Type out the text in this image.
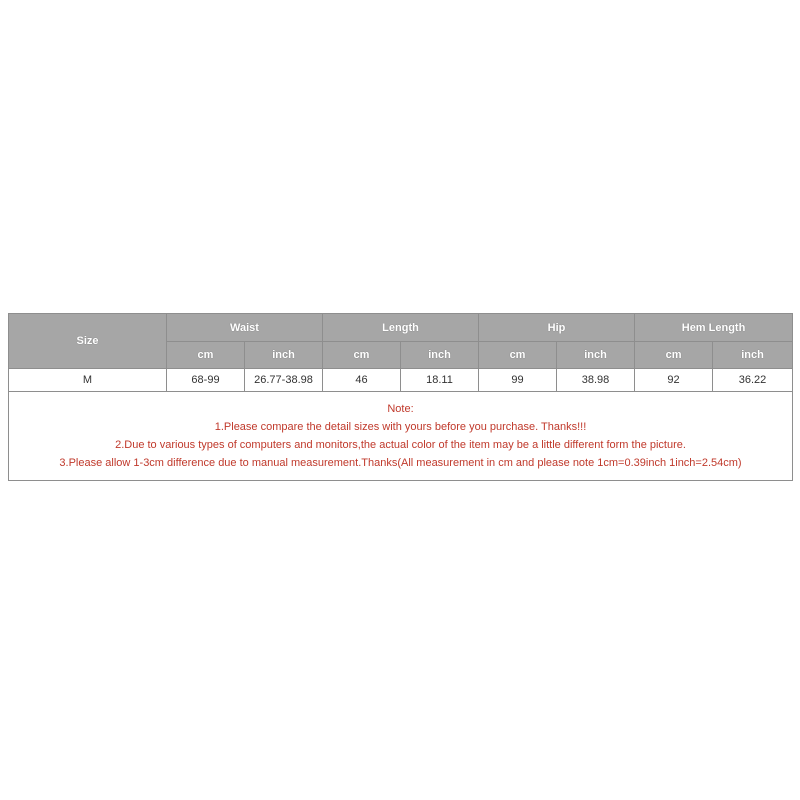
Size	Waist		Length		Hip		Hem Length	
	cm	inch	cm	inch	cm	inch	cm	inch
M	68-99	26.77-38.98	46	18.11	99	38.98	92	36.22

Note:
1.Please compare the detail sizes with yours before you purchase. Thanks!!!
2.Due to various types of computers and monitors,the actual color of the item may be a little different form the picture.
3.Please allow 1-3cm difference due to manual measurement.Thanks(All measurement in cm and please note 1cm=0.39inch 1inch=2.54cm)								
